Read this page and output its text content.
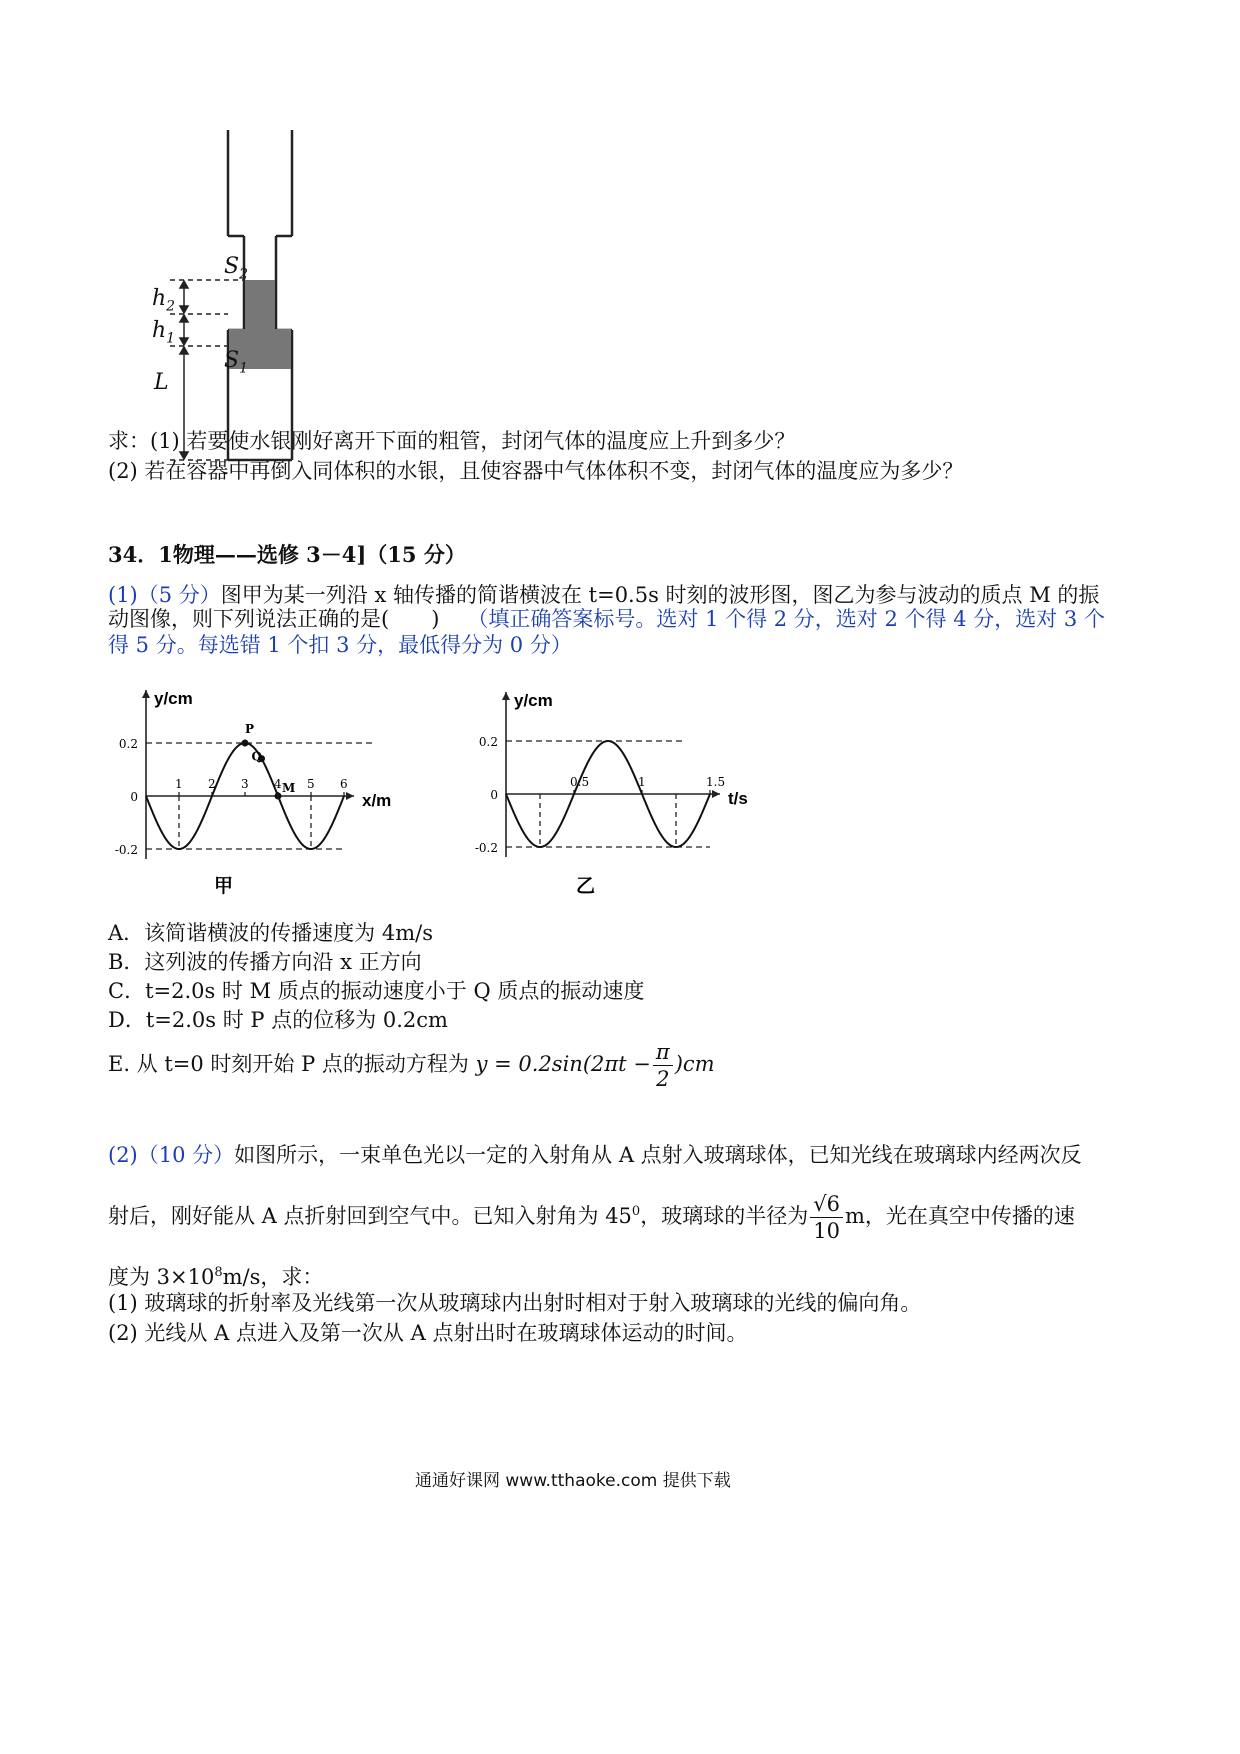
$S_2$
$h_2$
$h_1$
$S_1$
L
求：(1) 若要使水银刚好离开下面的粗管，封闭气体的温度应上升到多少？
(2) 若在容器中再倒入同体积的水银，且使容器中气体体积不变，封闭气体的温度应为多少？
34．1物理——选修 3－4]（15 分）
(1)（5 分）图甲为某一列沿 x 轴传播的简谐横波在 t=0.5s 时刻的波形图，图乙为参与波动的质点 M 的振
动图像，则下列说法正确的是(　　) （填正确答案标号。选对 1 个得 2 分，选对 2 个得 4 分，选对 3 个
得 5 分。每选错 1 个扣 3 分，最低得分为 0 分）
y/cm
x/m
0.2
0
-0.2
1 2 3 4 5 6
P
Q
M
甲
y/cm
t/s
0.2
0
-0.2
0.5	1	1.5
乙
A．该简谐横波的传播速度为 4m/s
B．这列波的传播方向沿 x 正方向
C．t=2.0s 时 M 质点的振动速度小于 Q 质点的振动速度
D．t=2.0s 时 P 点的位移为 0.2cm
E. 从 t=0 时刻开始 P 点的振动方程为 $y = 0.2\sin(2\pi t - \frac{\pi}{2} )cm$
(2)（10 分）如图所示，一束单色光以一定的入射角从 A 点射入玻璃球体，已知光线在玻璃球内经两次反
射后，刚好能从 A 点折射回到空气中。已知入射角为 $45^0$，玻璃球的半径为 $\frac{√6}{10}$ m，光在真空中传播的速
度为 $3\times 10^8m/s$，求：
(1) 玻璃球的折射率及光线第一次从玻璃球内出射时相对于射入玻璃球的光线的偏向角。
(2) 光线从 A 点进入及第一次从 A 点射出时在玻璃球体运动的时间。
通通好课网 www.tthaoke.com 提供下载
